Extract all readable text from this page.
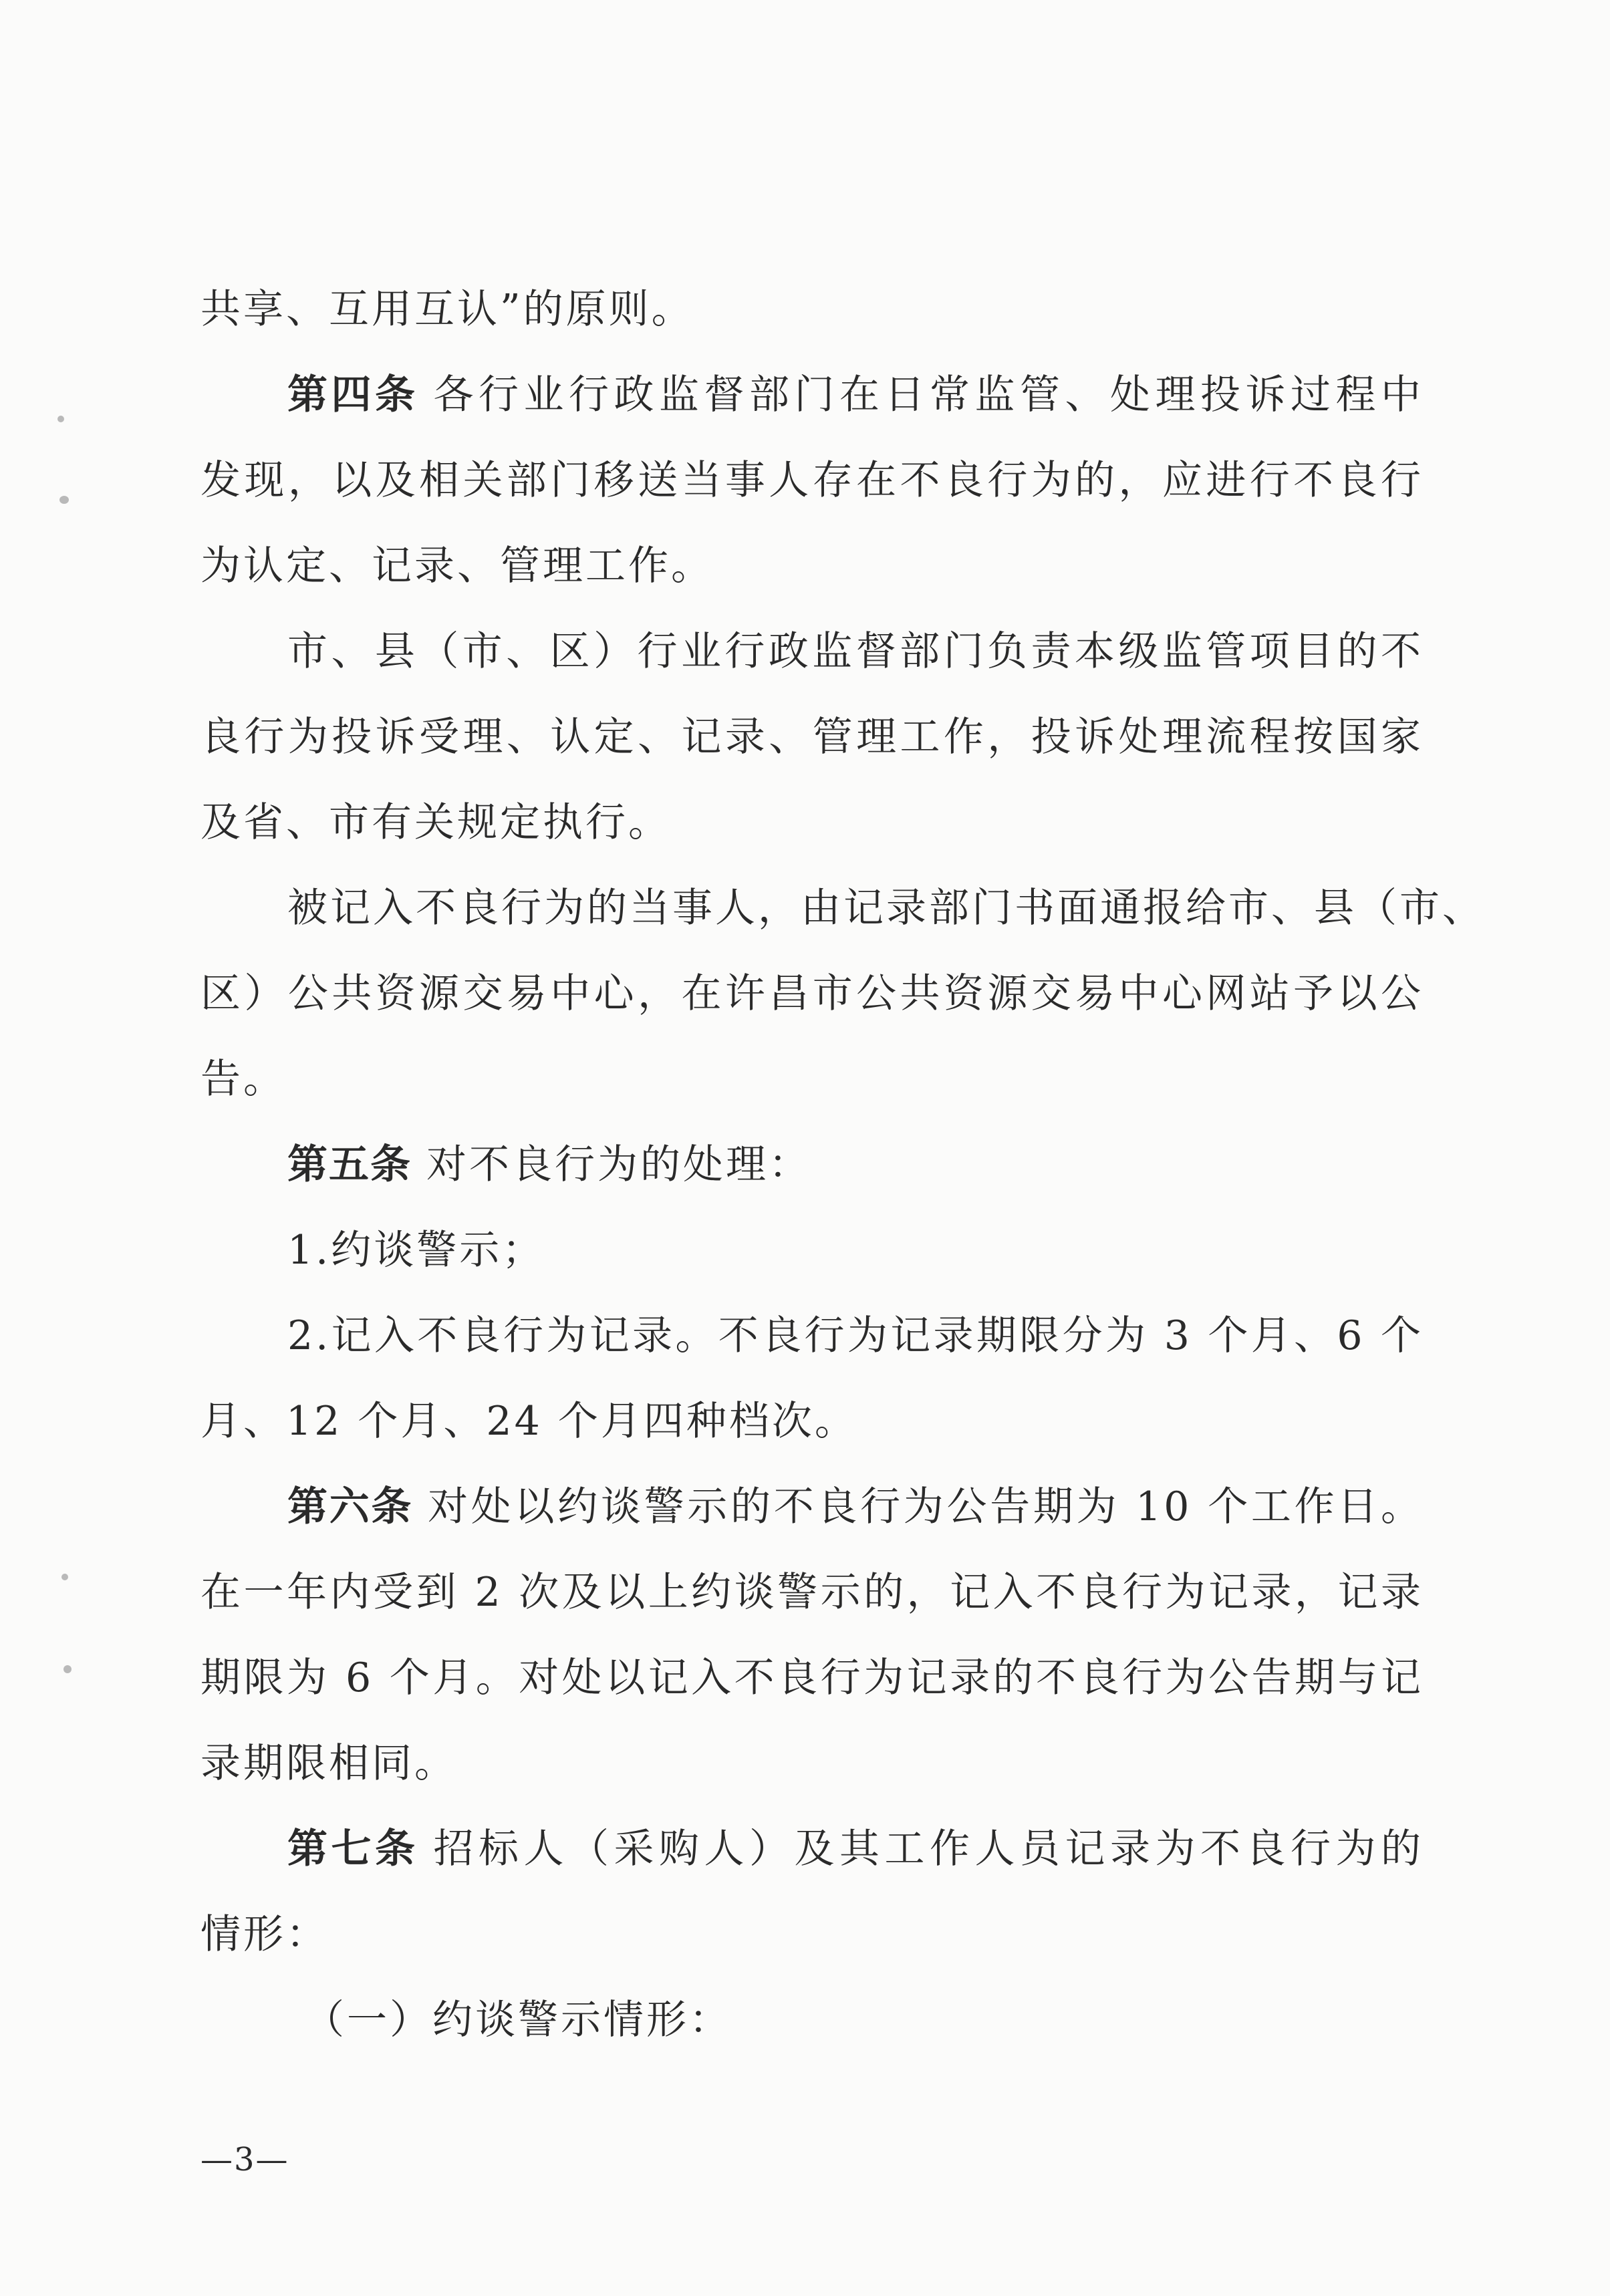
共享、互用互认”的原则。
第四条 各行业行政监督部门在日常监管、处理投诉过程中
发现，以及相关部门移送当事人存在不良行为的，应进行不良行
为认定、记录、管理工作。
市、县（市、区）行业行政监督部门负责本级监管项目的不
良行为投诉受理、认定、记录、管理工作，投诉处理流程按国家
及省、市有关规定执行。
被记入不良行为的当事人，由记录部门书面通报给市、县（市、
区）公共资源交易中心，在许昌市公共资源交易中心网站予以公
告。
第五条 对不良行为的处理：
1.约谈警示；
2.记入不良行为记录。不良行为记录期限分为 3 个月、6 个
月、12 个月、24 个月四种档次。
第六条 对处以约谈警示的不良行为公告期为 10 个工作日。
在一年内受到 2 次及以上约谈警示的，记入不良行为记录，记录
期限为 6 个月。对处以记入不良行为记录的不良行为公告期与记
录期限相同。
第七条 招标人（采购人）及其工作人员记录为不良行为的
情形：
（一）约谈警示情形：
—3—
